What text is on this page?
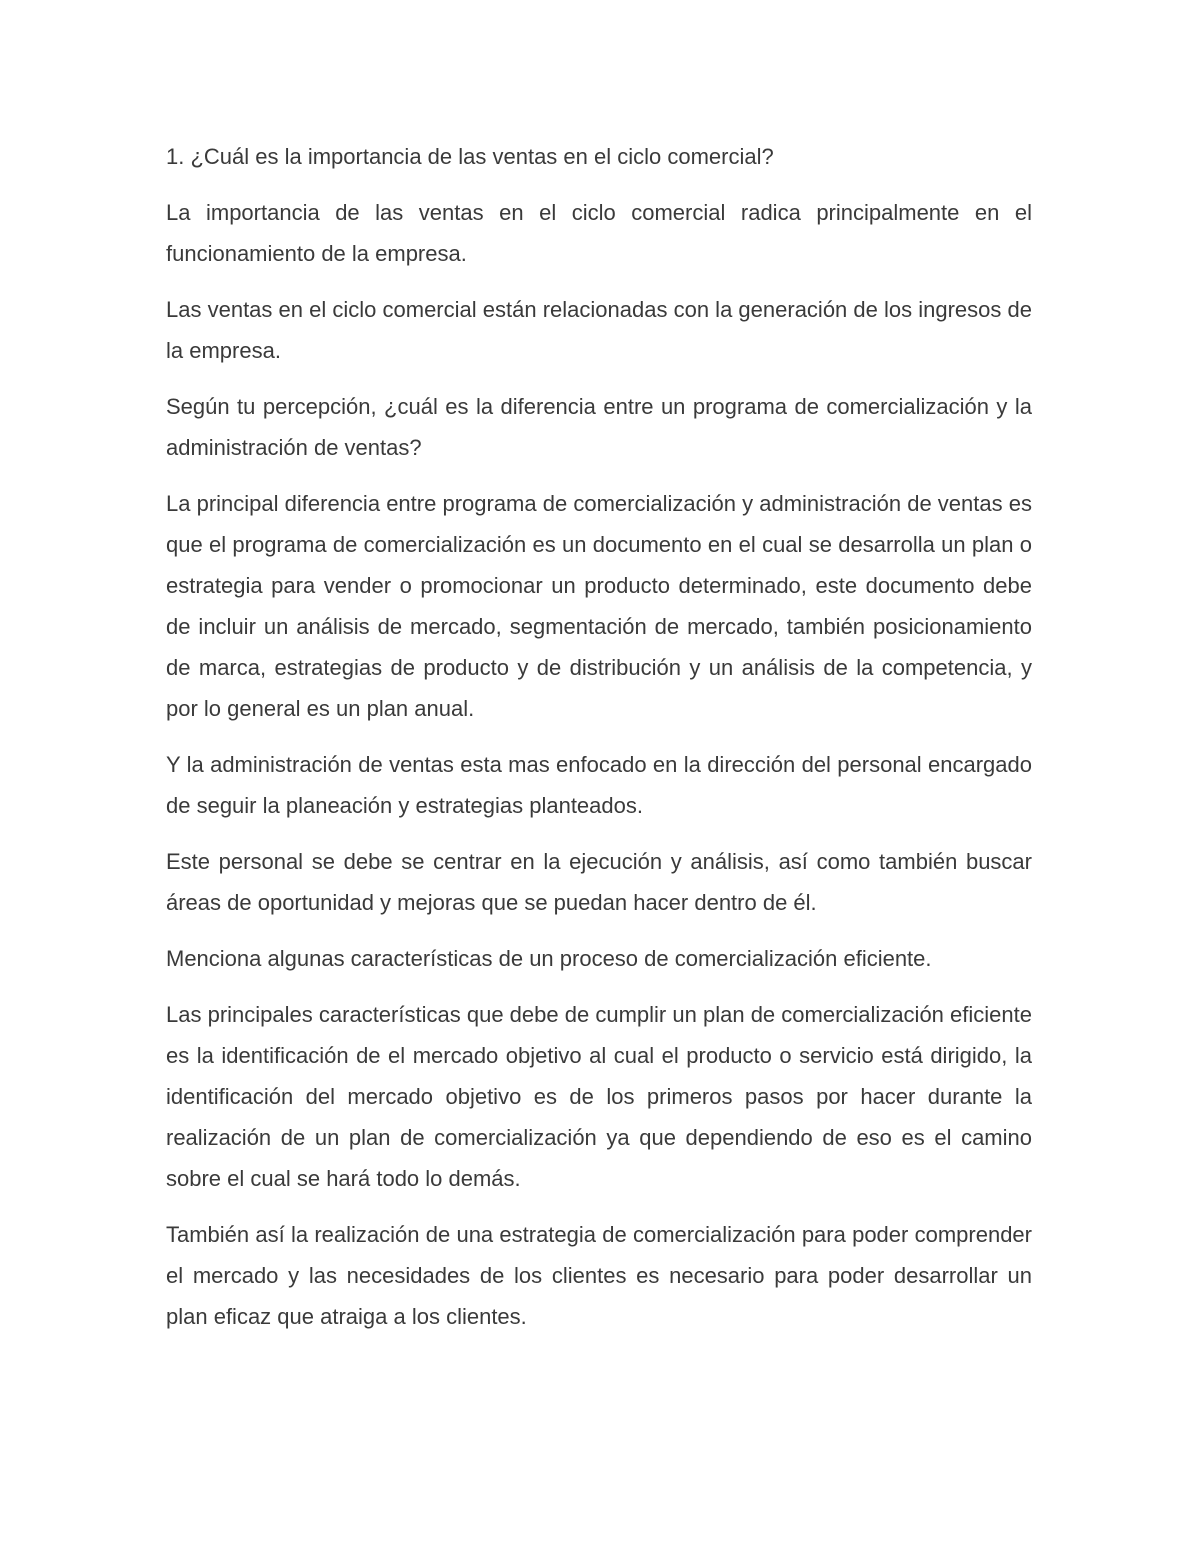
1. ¿Cuál es la importancia de las ventas en el ciclo comercial?

La importancia de las ventas en el ciclo comercial radica principalmente en el funcionamiento de la empresa.

Las ventas en el ciclo comercial están relacionadas con la generación de los ingresos de la empresa.

Según tu percepción, ¿cuál es la diferencia entre un programa de comercialización y la administración de ventas?

La principal diferencia entre programa de comercialización y administración de ventas es que el programa de comercialización es un documento en el cual se desarrolla un plan o estrategia para vender o promocionar un producto determinado, este documento debe de incluir un análisis de mercado, segmentación de mercado, también posicionamiento de marca, estrategias de producto y de distribución y un análisis de la competencia, y por lo general es un plan anual.

Y la administración de ventas esta mas enfocado en la dirección del personal encargado de seguir la planeación y estrategias planteados.

Este personal se debe se centrar en la ejecución y análisis, así como también buscar áreas de oportunidad y mejoras que se puedan hacer dentro de él.

Menciona algunas características de un proceso de comercialización eficiente.

Las principales características que debe de cumplir un plan de comercialización eficiente es la identificación de el mercado objetivo al cual el producto o servicio está dirigido, la identificación del mercado objetivo es de los primeros pasos por hacer durante la realización de un plan de comercialización ya que dependiendo de eso es el camino sobre el cual se hará todo lo demás.

También así la realización de una estrategia de comercialización para poder comprender el mercado y las necesidades de los clientes es necesario para poder desarrollar un plan eficaz que atraiga a los clientes.
